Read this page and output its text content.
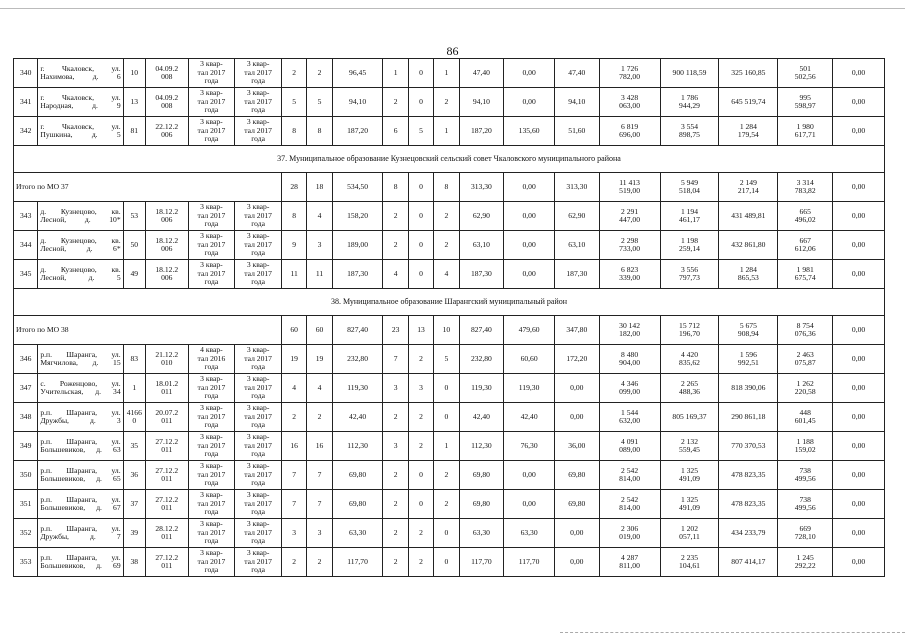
86
340	г. Чкаловск, ул. Нахимова, д. 6	10	04.09.2
008	3 квар-
тал 2017
года	3 квар-
тал 2017
года	2	2	96,45	1	0	1	47,40	0,00	47,40	1 726
782,00	900 118,59	325 160,85	501
502,56	0,00
341	г. Чкаловск, ул. Народная, д. 9	13	04.09.2
008	3 квар-
тал 2017
года	3 квар-
тал 2017
года	5	5	94,10	2	0	2	94,10	0,00	94,10	3 428
063,00	1 786
944,29	645 519,74	995
598,97	0,00
342	г. Чкаловск, ул. Пушкина, д. 5	81	22.12.2
006	3 квар-
тал 2017
года	3 квар-
тал 2017
года	8	8	187,20	6	5	1	187,20	135,60	51,60	6 819
696,00	3 554
898,75	1 284
179,54	1 980
617,71	0,00
37. Муниципальное образование Кузнецовский сельский совет Чкаловского муниципального района																			
Итого по МО 37						28	18	534,50	8	0	8	313,30	0,00	313,30	11 413
519,00	5 949
518,04	2 149
217,14	3 314
783,82	0,00
343	д. Кузнецово, кв. Лесной, д. 10*	53	18.12.2
006	3 квар-
тал 2017
года	3 квар-
тал 2017
года	8	4	158,20	2	0	2	62,90	0,00	62,90	2 291
447,00	1 194
461,17	431 489,81	665
496,02	0,00
344	д. Кузнецово, кв. Лесной, д. 6*	50	18.12.2
006	3 квар-
тал 2017
года	3 квар-
тал 2017
года	9	3	189,00	2	0	2	63,10	0,00	63,10	2 298
733,00	1 198
259,14	432 861,80	667
612,06	0,00
345	д. Кузнецово, кв. Лесной, д. 5	49	18.12.2
006	3 квар-
тал 2017
года	3 квар-
тал 2017
года	11	11	187,30	4	0	4	187,30	0,00	187,30	6 823
339,00	3 556
797,73	1 284
865,53	1 981
675,74	0,00
38. Муниципальное образование Шарангский муниципальный район																			
Итого по МО 38						60	60	827,40	23	13	10	827,40	479,60	347,80	30 142
182,00	15 712
196,70	5 675
908,94	8 754
076,36	0,00
346	р.п. Шаранга, ул. Мягчилова, д. 15	83	21.12.2
010	4 квар-
тал 2016
года	3 квар-
тал 2017
года	19	19	232,80	7	2	5	232,80	60,60	172,20	8 480
904,00	4 420
835,62	1 596
992,51	2 463
075,87	0,00
347	с. Роженцово, ул. Учительская, д. 34	1	18.01.2
011	3 квар-
тал 2017
года	3 квар-
тал 2017
года	4	4	119,30	3	3	0	119,30	119,30	0,00	4 346
099,00	2 265
488,36	818 390,06	1 262
220,58	0,00
348	р.п. Шаранга, ул. Дружбы, д. 3	4166
0	20.07.2
011	3 квар-
тал 2017
года	3 квар-
тал 2017
года	2	2	42,40	2	2	0	42,40	42,40	0,00	1 544
632,00	805 169,37	290 861,18	448
601,45	0,00
349	р.п. Шаранга, ул. Большевиков, д. 63	35	27.12.2
011	3 квар-
тал 2017
года	3 квар-
тал 2017
года	16	16	112,30	3	2	1	112,30	76,30	36,00	4 091
089,00	2 132
559,45	770 370,53	1 188
159,02	0,00
350	р.п. Шаранга, ул. Большевиков, д. 65	36	27.12.2
011	3 квар-
тал 2017
года	3 квар-
тал 2017
года	7	7	69,80	2	0	2	69,80	0,00	69,80	2 542
814,00	1 325
491,09	478 823,35	738
499,56	0,00
351	р.п. Шаранга, ул. Большевиков, д. 67	37	27.12.2
011	3 квар-
тал 2017
года	3 квар-
тал 2017
года	7	7	69,80	2	0	2	69,80	0,00	69,80	2 542
814,00	1 325
491,09	478 823,35	738
499,56	0,00
352	р.п. Шаранга, ул. Дружбы, д. 7	39	28.12.2
011	3 квар-
тал 2017
года	3 квар-
тал 2017
года	3	3	63,30	2	2	0	63,30	63,30	0,00	2 306
019,00	1 202
057,11	434 233,79	669
728,10	0,00
353	р.п. Шаранга, ул. Большевиков, д. 69	38	27.12.2
011	3 квар-
тал 2017
года	3 квар-
тал 2017
года	2	2	117,70	2	2	0	117,70	117,70	0,00	4 287
811,00	2 235
104,61	807 414,17	1 245
292,22	0,00
